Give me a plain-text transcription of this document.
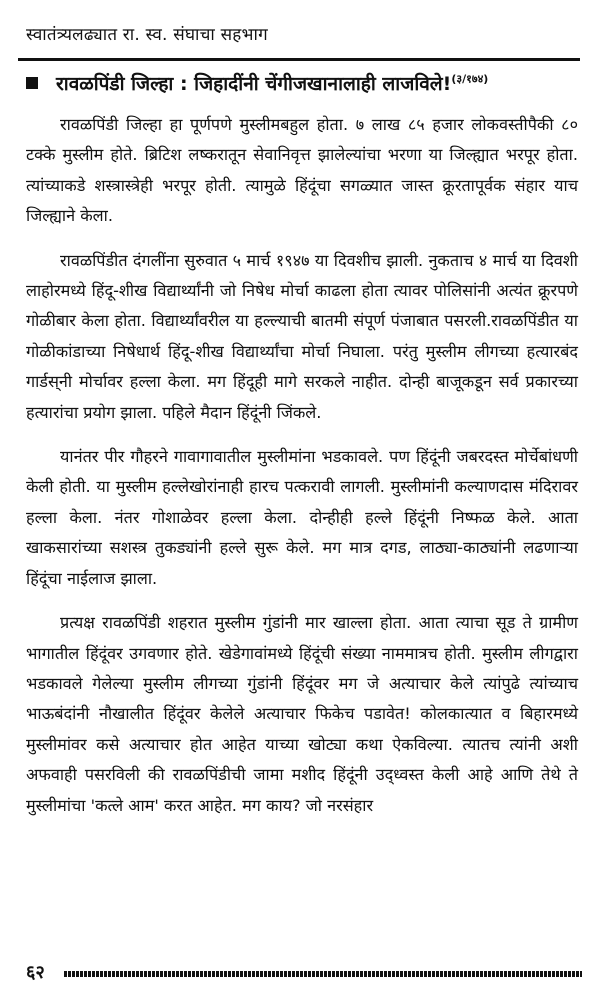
स्वातंत्र्यलढ्यात रा. स्व. संघाचा सहभाग
रावळपिंडी जिल्हा : जिहादींनी चेंगीजखानालाही लाजविले!$^{(३/१७४)}$

रावळपिंडी जिल्हा हा पूर्णपणे मुस्लीमबहुल होता. ७ लाख ८५ हजार लोकवस्तीपैकी ८० टक्के मुस्लीम होते. ब्रिटिश लष्करातून सेवानिवृत्त झालेल्यांचा भरणा या जिल्ह्यात भरपूर होता. त्यांच्याकडे शस्त्रास्त्रेही भरपूर होती. त्यामुळे हिंदूंचा सगळ्यात जास्त क्रूरतापूर्वक संहार याच जिल्ह्याने केला.

रावळपिंडीत दंगलींना सुरुवात ५ मार्च १९४७ या दिवशीच झाली. नुकताच ४ मार्च या दिवशी लाहोरमध्ये हिंदू-शीख विद्यार्थ्यांनी जो निषेध मोर्चा काढला होता त्यावर पोलिसांनी अत्यंत क्रूरपणे गोळीबार केला होता. विद्यार्थ्यांवरील या हल्ल्याची बातमी संपूर्ण पंजाबात पसरली.रावळपिंडीत या गोळीकांडाच्या निषेधार्थ हिंदू-शीख विद्यार्थ्यांचा मोर्चा निघाला. परंतु मुस्लीम लीगच्या हत्यारबंद गार्डस्‌नी मोर्चावर हल्ला केला. मग हिंदूही मागे सरकले नाहीत. दोन्ही बाजूकडून सर्व प्रकारच्या हत्यारांचा प्रयोग झाला. पहिले मैदान हिंदूंनी जिंकले.

यानंतर पीर गौहरने गावागावातील मुस्लीमांना भडकावले. पण हिंदूंनी जबरदस्त मोर्चेबांधणी केली होती. या मुस्लीम हल्लेखोरांनाही हारच पत्करावी लागली. मुस्लीमांनी कल्याणदास मंदिरावर हल्ला केला. नंतर गोशाळेवर हल्ला केला. दोन्हीही हल्ले हिंदूंनी निष्फळ केले. आता खाकसारांच्या सशस्त्र तुकड्यांनी हल्ले सुरू केले. मग मात्र दगड, लाठ्या-काठ्यांनी लढणाऱ्या हिंदूंचा नाईलाज झाला.

प्रत्यक्ष रावळपिंडी शहरात मुस्लीम गुंडांनी मार खाल्ला होता. आता त्याचा सूड ते ग्रामीण भागातील हिंदूंवर उगवणार होते. खेडेगावांमध्ये हिंदूंची संख्या नाममात्रच होती. मुस्लीम लीगद्वारा भडकावले गेलेल्या मुस्लीम लीगच्या गुंडांनी हिंदूंवर मग जे अत्याचार केले त्यांपुढे त्यांच्याच भाऊबंदांनी नौखालीत हिंदूंवर केलेले अत्याचार फिकेच पडावेत! कोलकात्यात व बिहारमध्ये मुस्लीमांवर कसे अत्याचार होत आहेत याच्या खोट्या कथा ऐकविल्या. त्यातच त्यांनी अशी अफवाही पसरविली की रावळपिंडीची जामा मशीद हिंदूंनी उद्ध्वस्त केली आहे आणि तेथे ते मुस्लीमांचा 'कत्ले आम' करत आहेत. मग काय? जो नरसंहार

६२
